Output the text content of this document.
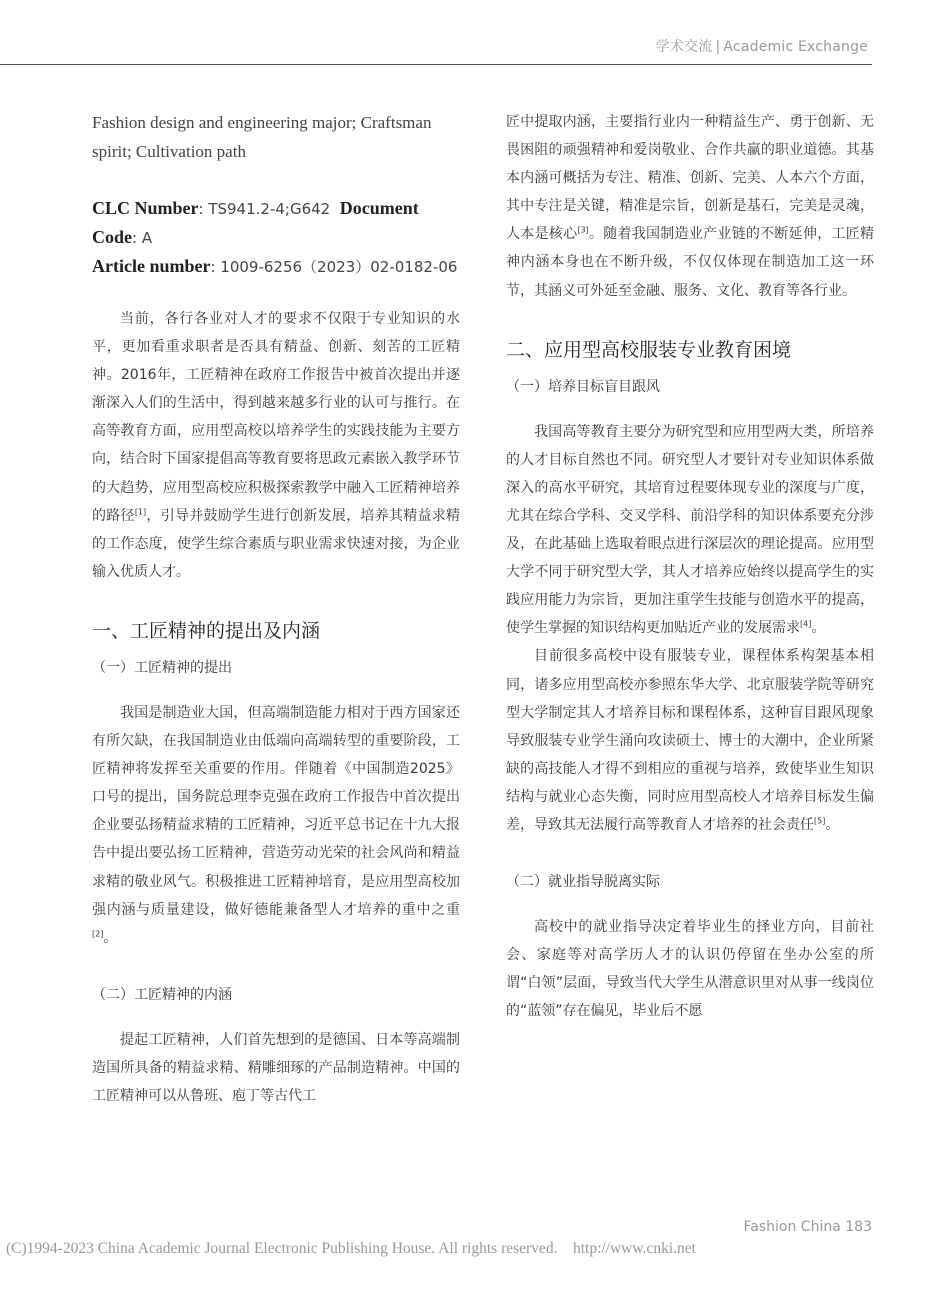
学术交流 | Academic Exchange
Fashion design and engineering major; Craftsman spirit; Cultivation path
CLC Number: TS941.2-4;G642 Document Code: A
Article number: 1009-6256（2023）02-0182-06

当前，各行各业对人才的要求不仅限于专业知识的水平，更加看重求职者是否具有精益、创新、刻苦的工匠精神。2016年，工匠精神在政府工作报告中被首次提出并逐渐深入人们的生活中，得到越来越多行业的认可与推行。在高等教育方面，应用型高校以培养学生的实践技能为主要方向，结合时下国家提倡高等教育要将思政元素嵌入教学环节的大趋势，应用型高校应积极探索教学中融入工匠精神培养的路径[1]，引导并鼓励学生进行创新发展，培养其精益求精的工作态度，使学生综合素质与职业需求快速对接，为企业输入优质人才。

一、工匠精神的提出及内涵
（一）工匠精神的提出

我国是制造业大国，但高端制造能力相对于西方国家还有所欠缺，在我国制造业由低端向高端转型的重要阶段，工匠精神将发挥至关重要的作用。伴随着《中国制造2025》口号的提出，国务院总理李克强在政府工作报告中首次提出企业要弘扬精益求精的工匠精神，习近平总书记在十九大报告中提出要弘扬工匠精神，营造劳动光荣的社会风尚和精益求精的敬业风气。积极推进工匠精神培育，是应用型高校加强内涵与质量建设，做好德能兼备型人才培养的重中之重[2]。

（二）工匠精神的内涵

提起工匠精神，人们首先想到的是德国、日本等高端制造国所具备的精益求精、精雕细琢的产品制造精神。中国的工匠精神可以从鲁班、庖丁等古代工

匠中提取内涵，主要指行业内一种精益生产、勇于创新、无畏困阻的顽强精神和爱岗敬业、合作共赢的职业道德。其基本内涵可概括为专注、精准、创新、完美、人本六个方面，其中专注是关键，精准是宗旨，创新是基石，完美是灵魂，人本是核心[3]。随着我国制造业产业链的不断延伸，工匠精神内涵本身也在不断升级，不仅仅体现在制造加工这一环节，其涵义可外延至金融、服务、文化、教育等各行业。

二、应用型高校服装专业教育困境
（一）培养目标盲目跟风

我国高等教育主要分为研究型和应用型两大类，所培养的人才目标自然也不同。研究型人才要针对专业知识体系做深入的高水平研究，其培育过程要体现专业的深度与广度，尤其在综合学科、交叉学科、前沿学科的知识体系要充分涉及，在此基础上选取着眼点进行深层次的理论提高。应用型大学不同于研究型大学，其人才培养应始终以提高学生的实践应用能力为宗旨，更加注重学生技能与创造水平的提高，使学生掌握的知识结构更加贴近产业的发展需求[4]。

目前很多高校中设有服装专业，课程体系构架基本相同，诸多应用型高校亦参照东华大学、北京服装学院等研究型大学制定其人才培养目标和课程体系，这种盲目跟风现象导致服装专业学生涌向攻读硕士、博士的大潮中，企业所紧缺的高技能人才得不到相应的重视与培养，致使毕业生知识结构与就业心态失衡，同时应用型高校人才培养目标发生偏差，导致其无法履行高等教育人才培养的社会责任[5]。

（二）就业指导脱离实际

高校中的就业指导决定着毕业生的择业方向，目前社会、家庭等对高学历人才的认识仍停留在坐办公室的所谓“白领”层面，导致当代大学生从潜意识里对从事一线岗位的“蓝领”存在偏见，毕业后不愿

Fashion China 183
(C)1994-2023 China Academic Journal Electronic Publishing House. All rights reserved. http://www.cnki.net
